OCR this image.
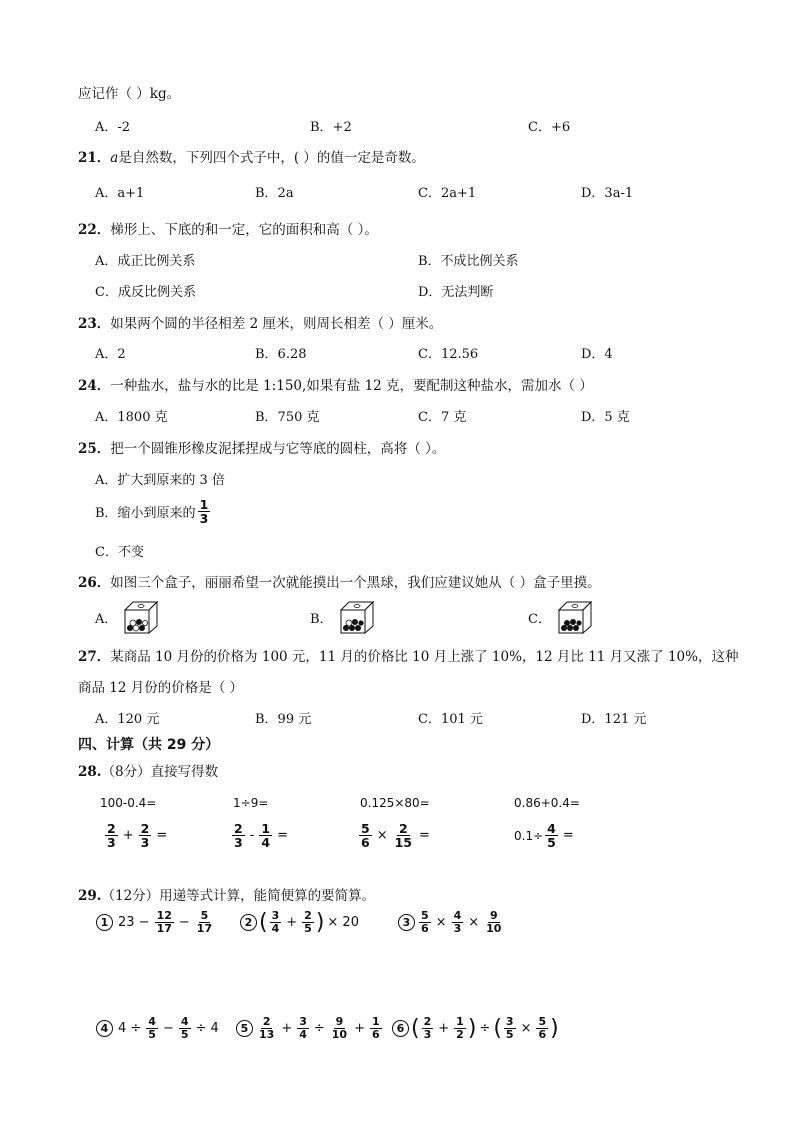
应记作（ ）kg。
A．-2	B．+2	C．+6
21．a是自然数，下列四个式子中，( ）的值一定是奇数。
A．a+1	B．2a	C．2a+1	D．3a-1
22．梯形上、下底的和一定，它的面积和高（ ）。
A．成正比例关系	B．不成比例关系
C．成反比例关系	D．无法判断
23．如果两个圆的半径相差 2 厘米，则周长相差（ ）厘米。
A．2	B．6.28	C．12.56	D．4
24．一种盐水，盐与水的比是 1:150,如果有盐 12 克，要配制这种盐水，需加水（ ）
A．1800 克	B．750 克	C．7 克	D．5 克
25．把一个圆锥形橡皮泥揉捏成与它等底的圆柱，高将（ ）。
A．扩大到原来的 3 倍
B．缩小到原来的 $\frac{1}{3}$
C．不变
26．如图三个盒子，丽丽希望一次就能摸出一个黑球，我们应建议她从（ ）盒子里摸。
A．	B．	C．
27．某商品 10 月份的价格为 100 元，11 月的价格比 10 月上涨了 10%，12 月比 11 月又涨了 10%，这种
商品 12 月份的价格是（ ）
A．120 元	B．99 元	C．101 元	D．121 元
四、计算（共 29 分）
28.（8分）直接写得数
100-0.4=	1÷9=	0.125×80=	0.86+0.4=
$\frac{2}{3} + \frac{2}{3}$ =	$\frac{2}{3} - \frac{1}{4}$ =	$\frac{5}{6} \times \frac{2}{15}$ =	$0.1\div \frac{4}{5}$ =
29.（12分）用递等式计算，能简便算的要简算。
1 $23 - \frac{12}{17} - \frac{5}{17}$	2 ( $\frac{3}{4} + \frac{2}{5}$ ) × 20	$3 \frac{5}{6} \times \frac{4}{3} \times \frac{9}{10}$
4 $4 \div \frac{4}{5} - \frac{4}{5} \div 4$	$5 \frac{2}{13} + \frac{3}{4} \div \frac{9}{10} + \frac{1}{6}$	6 ( $\frac{2}{3} + \frac{1}{2}$ ) ÷ ( $\frac{3}{5} \times \frac{5}{6}$ )
